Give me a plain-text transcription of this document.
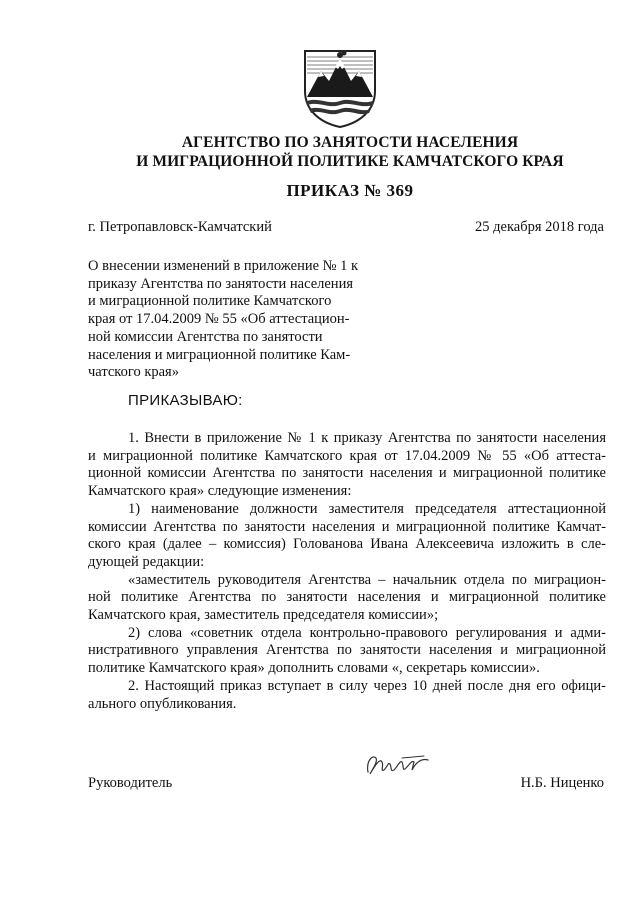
АГЕНТСТВО ПО ЗАНЯТОСТИ НАСЕЛЕНИЯ
И МИГРАЦИОННОЙ ПОЛИТИКЕ КАМЧАТСКОГО КРАЯ
ПРИКАЗ № 369
г. Петропавловск-Камчатский	25 декабря 2018 года
О внесении изменений в приложение № 1 к
приказу Агентства по занятости населения
и миграционной политике Камчатского
края от 17.04.2009 № 55 «Об аттестацион-
ной комиссии Агентства по занятости
населения и миграционной политике Кам-
чатского края»
ПРИКАЗЫВАЮ:
1. Внести в приложение № 1 к приказу Агентства по занятости населения
и миграционной политике Камчатского края от 17.04.2009 № 55 «Об аттеста-
ционной комиссии Агентства по занятости населения и миграционной политике
Камчатского края» следующие изменения:
1) наименование должности заместителя председателя аттестационной
комиссии Агентства по занятости населения и миграционной политике Камчат-
ского края (далее – комиссия) Голованова Ивана Алексеевича изложить в сле-
дующей редакции:
«заместитель руководителя Агентства – начальник отдела по миграцион-
ной политике Агентства по занятости населения и миграционной политике
Камчатского края, заместитель председателя комиссии»;
2) слова «советник отдела контрольно-правового регулирования и адми-
нистративного управления Агентства по занятости населения и миграционной
политике Камчатского края» дополнить словами «, секретарь комиссии».
2. Настоящий приказ вступает в силу через 10 дней после дня его офици-
ального опубликования.
Руководитель	Н.Б. Ниценко
